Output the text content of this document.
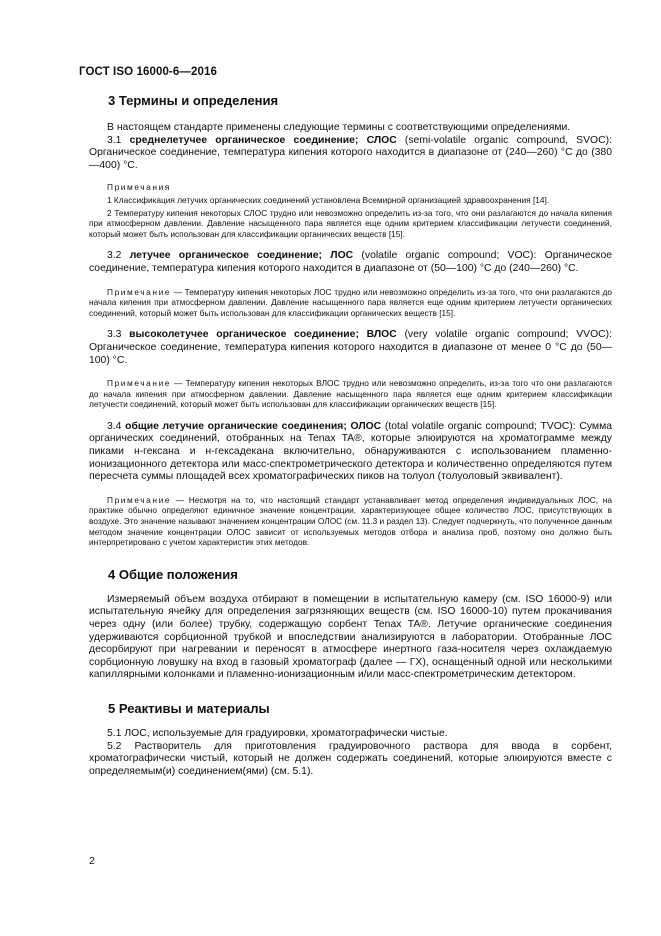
ГОСТ ISO 16000-6—2016
3 Термины и определения

В настоящем стандарте применены следующие термины с соответствующими определениями.

3.1 среднелетучее органическое соединение; СЛОС (semi-volatile organic compound, SVOC): Органическое соединение, температура кипения которого находится в диапазоне от (240—260) °С до (380—400) °С.

Примечания

1 Классификация летучих органических соединений установлена Всемирной организацией здравоохранения [14].

2 Температуру кипения некоторых СЛОС трудно или невозможно определить из-за того, что они разлагаются до начала кипения при атмосферном давлении. Давление насыщенного пара является еще одним критерием классификации летучести соединений, который может быть использован для классификации органических веществ [15].

3.2 летучее органическое соединение; ЛОС (volatile organic compound; VOC): Органическое соединение, температура кипения которого находится в диапазоне от (50—100) °С до (240—260) °С.

Примечание — Температуру кипения некоторых ЛОС трудно или невозможно определить из-за того, что они разлагаются до начала кипения при атмосферном давлении. Давление насыщенного пара является еще одним критерием летучести органических соединений, который может быть использован для классификации органических веществ [15].

3.3 высоколетучее органическое соединение; ВЛОС (very volatile organic compound; VVOC): Органическое соединение, температура кипения которого находится в диапазоне от менее 0 °С до (50—100) °С.

Примечание — Температуру кипения некоторых ВЛОС трудно или невозможно определить, из-за того что они разлагаются до начала кипения при атмосферном давлении. Давление насыщенного пара является еще одним критерием классификации летучести соединений, который может быть использован для классификации органических веществ [15].

3.4 общие летучие органические соединения; ОЛОС (total volatile organic compound; TVOC): Сумма органических соединений, отобранных на Tenax TA®, которые элюируются на хроматограмме между пиками н-гексана и н-гексадекана включительно, обнаруживаются с использованием пламенно-ионизационного детектора или масс-спектрометрического детектора и количественно определяются путем пересчета суммы площадей всех хроматографических пиков на толуол (толуоловый эквивалент).

Примечание — Несмотря на то, что настоящий стандарт устанавливает метод определения индивидуальных ЛОС, на практике обычно определяют единичное значение концентрации, характеризующее общее количество ЛОС, присутствующих в воздухе. Это значение называют значением концентрации ОЛОС (см. 11.3 и раздел 13). Следует подчеркнуть, что полученное данным методом значение концентрации ОЛОС зависит от используемых методов отбора и анализа проб, поэтому оно должно быть интерпретировано с учетом характеристик этих методов.

4 Общие положения

Измеряемый объем воздуха отбирают в помещении в испытательную камеру (см. ISO 16000-9) или испытательную ячейку для определения загрязняющих веществ (см. ISO 16000-10) путем прокачивания через одну (или более) трубку, содержащую сорбент Tenax TA®. Летучие органические соединения удерживаются сорбционной трубкой и впоследствии анализируются в лаборатории. Отобранные ЛОС десорбируют при нагревании и переносят в атмосфере инертного газа-носителя через охлаждаемую сорбционную ловушку на вход в газовый хроматограф (далее — ГХ), оснащенный одной или несколькими капиллярными колонками и пламенно-ионизационным и/или масс-спектрометрическим детектором.

5 Реактивы и материалы

5.1 ЛОС, используемые для градуировки, хроматографически чистые.

5.2 Растворитель для приготовления градуировочного раствора для ввода в сорбент, хроматографически чистый, который не должен содержать соединений, которые элюируются вместе с определяемым(и) соединением(ями) (см. 5.1).

2
